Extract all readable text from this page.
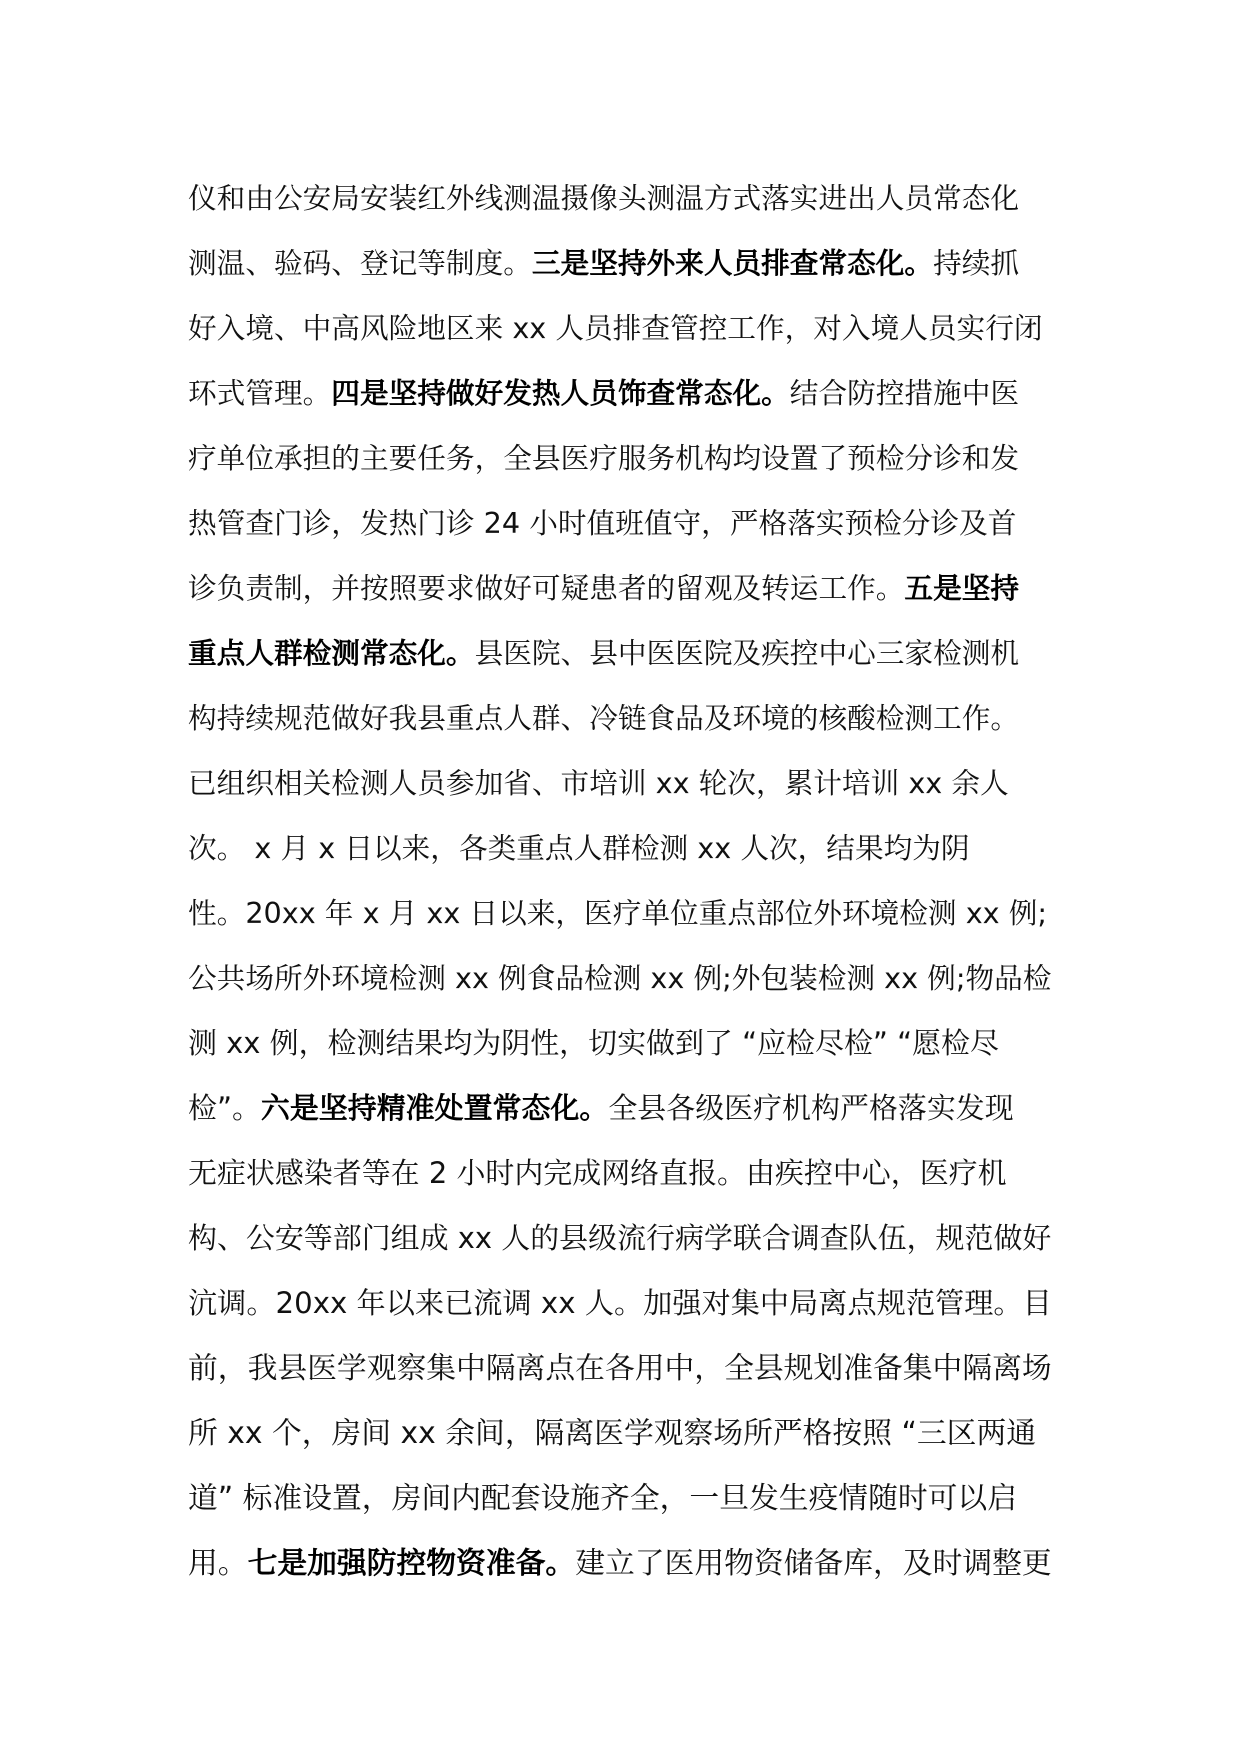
仪和由公安局安装红外线测温摄像头测温方式落实进出人员常态化
测温、验码、登记等制度。三是坚持外来人员排查常态化。持续抓
好入境、中高风险地区来 xx 人员排查管控工作，对入境人员实行闭
环式管理。四是坚持做好发热人员饰查常态化。结合防控措施中医
疗单位承担的主要任务，全县医疗服务机构均设置了预检分诊和发
热管查门诊，发热门诊 24 小时值班值守，严格落实预检分诊及首
诊负责制，并按照要求做好可疑患者的留观及转运工作。五是坚持
重点人群检测常态化。县医院、县中医医院及疾控中心三家检测机
构持续规范做好我县重点人群、冷链食品及环境的核酸检测工作。
已组织相关检测人员参加省、市培训 xx 轮次，累计培训 xx 余人
次。 x 月 x 日以来，各类重点人群检测 xx 人次，结果均为阴
性。20xx 年 x 月 xx 日以来，医疗单位重点部位外环境检测 xx 例;
公共场所外环境检测 xx 例食品检测 xx 例;外包装检测 xx 例;物品检
测 xx 例，检测结果均为阴性，切实做到了 “应检尽检” “愿检尽
检”。六是坚持精准处置常态化。全县各级医疗机构严格落实发现
无症状感染者等在 2 小时内完成网络直报。由疾控中心，医疗机
构、公安等部门组成 xx 人的县级流行病学联合调查队伍，规范做好
沆调。20xx 年以来已流调 xx 人。加强对集中局离点规范管理。目
前，我县医学观察集中隔离点在各用中，全县规划准备集中隔离场
所 xx 个，房间 xx 余间，隔离医学观察场所严格按照 “三区两通
道” 标准设置，房间内配套设施齐全，一旦发生疫情随时可以启
用。七是加强防控物资准备。建立了医用物资储备库，及时调整更
